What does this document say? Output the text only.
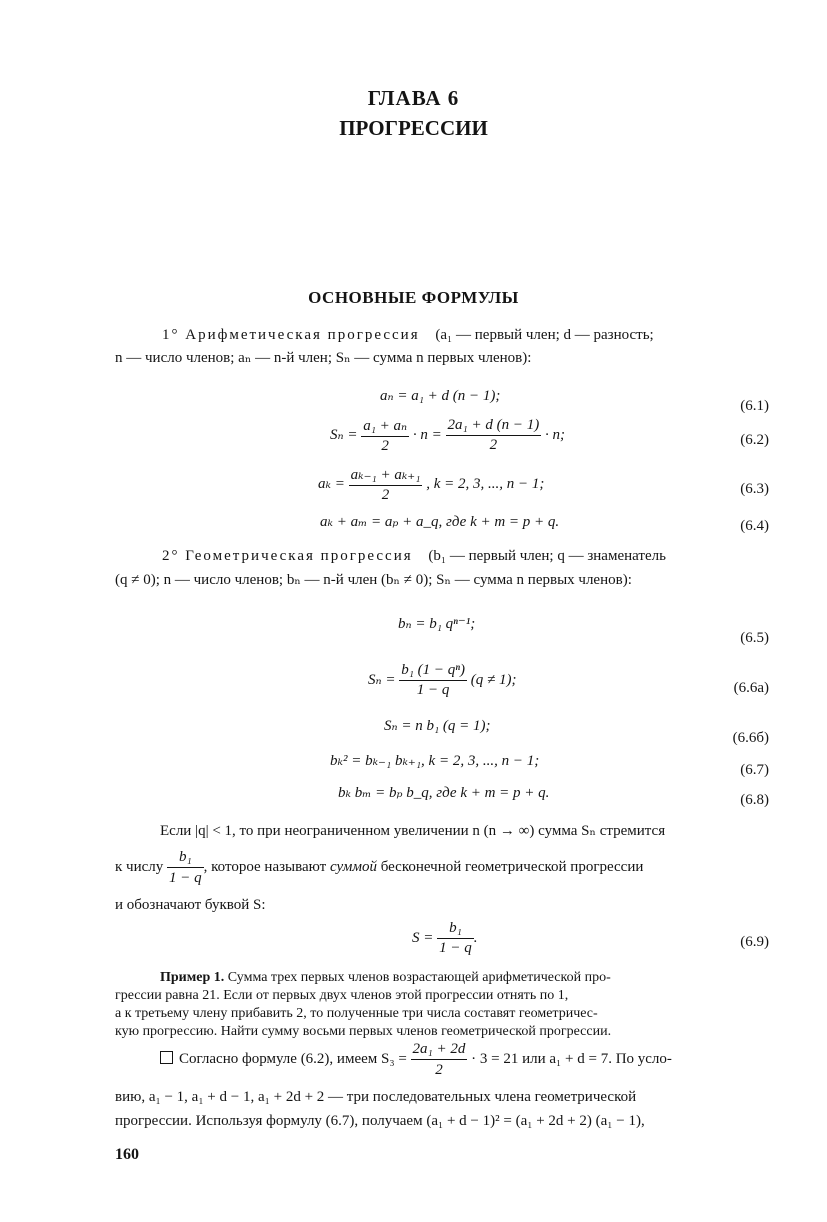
ГЛАВА 6
ПРОГРЕССИИ
ОСНОВНЫЕ ФОРМУЛЫ
1° Арифметическая прогрессия (a₁ — первый член; d — разность;
n — число членов; aₙ — n-й член; Sₙ — сумма n первых членов):
aₙ = a₁ + d (n − 1);
(6.1)
$S_n = \frac{\text{a₁ + aₙ}}{2} \cdot n = \frac{\text{2a₁ + d (n − 1)}}{2} \cdot n$;	(6.2)
$a_k = \frac{\text{aₖ₋₁ + aₖ₊₁}}{2}$ , k = 2, 3, ..., n − 1;	(6.3)
aₖ + aₘ = aₚ + a_q, где k + m = p + q.	(6.4)
2° Геометрическая прогрессия (b₁ — первый член; q — знаменатель
(q ≠ 0); n — число членов; bₙ — n-й член (bₙ ≠ 0); Sₙ — сумма n первых членов):
bₙ = b₁ qⁿ⁻¹;
(6.5)
$S_n = \frac{\text{b₁ (1 − qⁿ)}}{1 - q} (q \ne 1)$;
(6.6а)
Sₙ = n b₁ (q = 1);
(6.6б)
bₖ² = bₖ₋₁ bₖ₊₁, k = 2, 3, ..., n − 1;
(6.7)
bₖ bₘ = bₚ b_q, где k + m = p + q.	(6.8)
Если |q| < 1, то при неограниченном увеличении n (n → ∞) сумма Sₙ стремится
к числу $\frac{\text{b₁}}{1 - q}$ , которое называют суммой бесконечной геометрической прогрессии
и обозначают буквой S:
$S = \frac{\text{b₁}}{1 - q}$ .	(6.9)
Пример 1. Сумма трех первых членов возрастающей арифметической про-
грессии равна 21. Если от первых двух членов этой прогрессии отнять по 1,
а к третьему члену прибавить 2, то полученные три числа составят геометричес-
кую прогрессию. Найти сумму восьми первых членов геометрической прогрессии.
Согласно формуле (6.2), имеем $S_3 = \frac{\text{2a₁ + 2d}}{2} \cdot 3 = 21$ или a₁ + d = 7. По усло-
вию, a₁ − 1, a₁ + d − 1, a₁ + 2d + 2 — три последовательных члена геометрической
прогрессии. Используя формулу (6.7), получаем (a₁ + d − 1)² = (a₁ + 2d + 2) (a₁ − 1),
160
